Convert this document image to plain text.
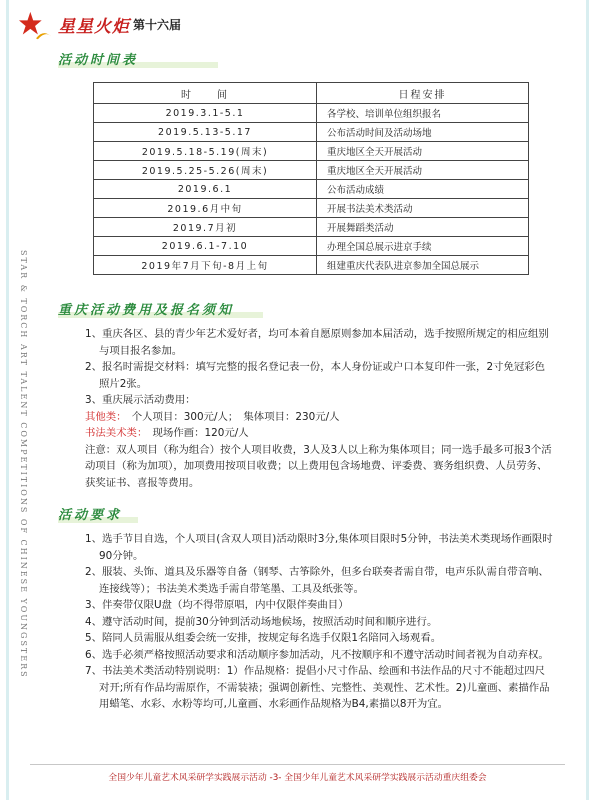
星星火炬 第十六届
STAR & TORCH ART TALENT COMPETITIONS OF CHINESE YOUNGSTERS
活动时间表
时　　间	日程安排
2019.3.1-5.1	各学校、培训单位组织报名
2019.5.13-5.17	公布活动时间及活动场地
2019.5.18-5.19(周末)	重庆地区全天开展活动
2019.5.25-5.26(周末)	重庆地区全天开展活动
2019.6.1	公布活动成绩
2019.6月中旬	开展书法美术类活动
2019.7月初	开展舞蹈类活动
2019.6.1-7.10	办理全国总展示进京手续
2019年7月下旬-8月上旬	组建重庆代表队进京参加全国总展示
重庆活动费用及报名须知
1、重庆各区、县的青少年艺术爱好者，均可本着自愿原则参加本届活动，选手按照所规定的相应组别与项目报名参加。
2、报名时需提交材料：填写完整的报名登记表一份，本人身份证或户口本复印件一张，2寸免冠彩色照片2张。
3、重庆展示活动费用：
其他类：　 个人项目：300元/人；　集体项目：230元/人
书法美术类：　 现场作画：120元/人
注意：双人项目（称为组合）按个人项目收费，3人及3人以上称为集体项目；同一选手最多可报3个活动项目（称为加项），加项费用按项目收费；以上费用包含场地费、评委费、赛务组织费、人员劳务、获奖证书、喜报等费用。
活动要求
1、选手节目自选，个人项目(含双人项目)活动限时3分,集体项目限时5分钟，书法美术类现场作画限时90分钟。
2、服装、头饰、道具及乐器等自备（钢琴、古筝除外，但多台联奏者需自带，电声乐队需自带音响、连接线等）；书法美术类选手需自带笔墨、工具及纸张等。
3、伴奏带仅限U盘（均不得带原唱，内中仅限伴奏曲目）
4、遵守活动时间，提前30分钟到活动场地候场，按照活动时间和顺序进行。
5、陪同人员需服从组委会统一安排，按规定每名选手仅限1名陪同入场观看。
6、选手必须严格按照活动要求和活动顺序参加活动，凡不按顺序和不遵守活动时间者视为自动弃权。
7、书法美术类活动特别说明：1）作品规格：提倡小尺寸作品、绘画和书法作品的尺寸不能超过四尺对开;所有作品均需原作，不需装裱；强调创新性、完整性、美观性、艺术性。2)儿童画、素描作品用蜡笔、水彩、水粉等均可,儿童画、水彩画作品规格为B4,素描以8开为宜。
全国少年儿童艺术风采研学实践展示活动 -3- 全国少年儿童艺术风采研学实践展示活动重庆组委会
